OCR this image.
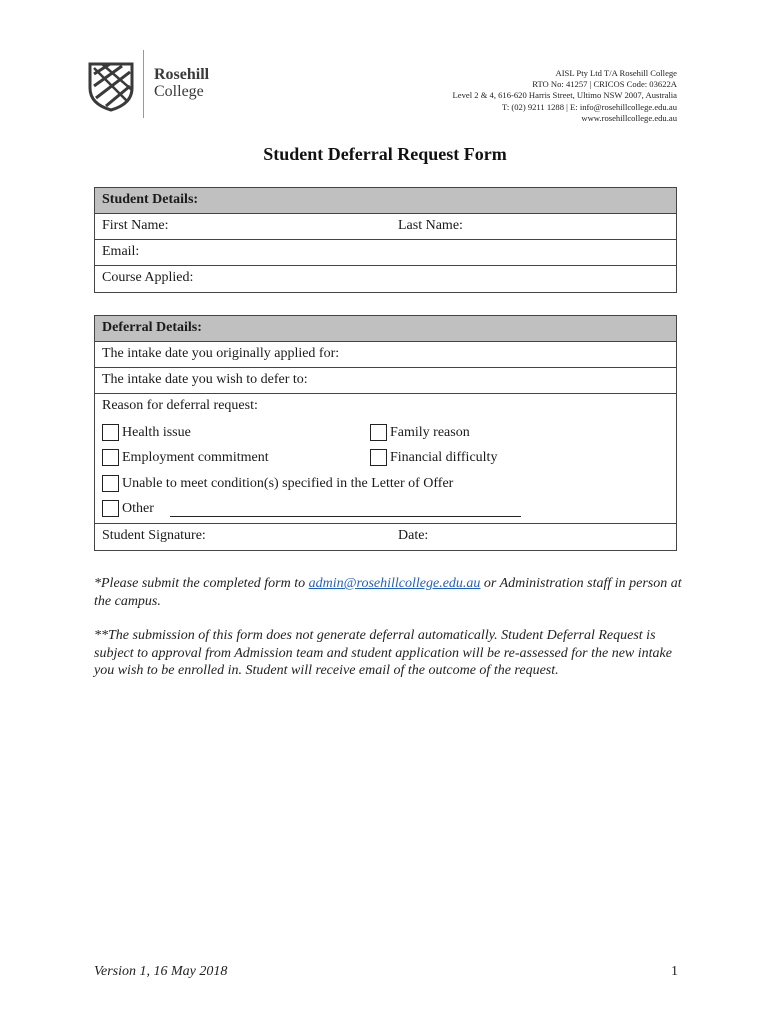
Rosehill
College
AISL Pty Ltd T/A Rosehill College
RTO No: 41257 | CRICOS Code: 03622A
Level 2 & 4, 616-620 Harris Street, Ultimo NSW 2007, Australia
T: (02) 9211 1288 | E: info@rosehillcollege.edu.au
www.rosehillcollege.edu.au
Student Deferral Request Form
Student Details:
First Name:	Last Name:
Email:
Course Applied:
Deferral Details:
The intake date you originally applied for:
The intake date you wish to defer to:
Reason for deferral request:
Health issue	Family reason
Employment commitment	Financial difficulty
Unable to meet condition(s) specified in the Letter of Offer
Other
Student Signature:	Date:
*Please submit the completed form to admin@rosehillcollege.edu.au or Administration staff in person at the campus.
**The submission of this form does not generate deferral automatically. Student Deferral Request is subject to approval from Admission team and student application will be re-assessed for the new intake you wish to be enrolled in. Student will receive email of the outcome of the request.
Version 1, 16 May 2018	1
